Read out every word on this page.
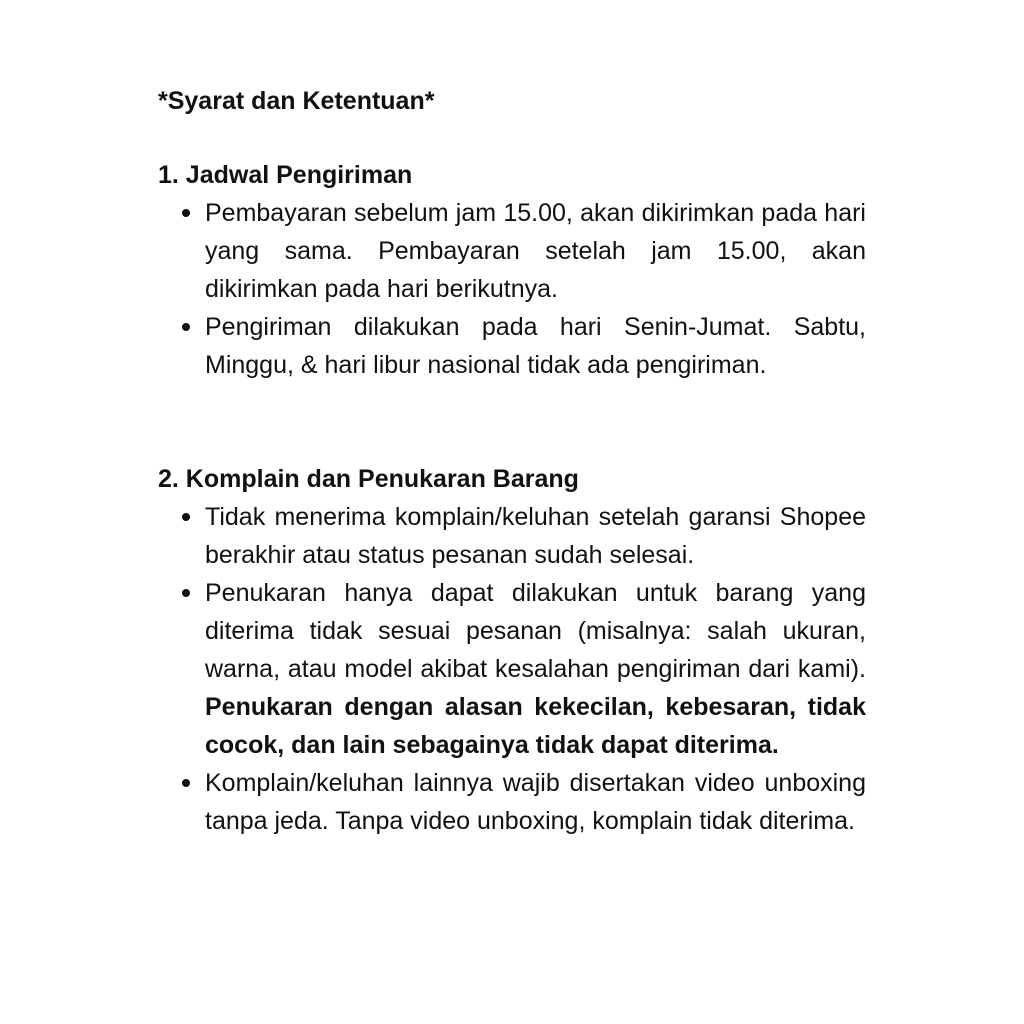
*Syarat dan Ketentuan*
1. Jadwal Pengiriman
Pembayaran sebelum jam 15.00, akan dikirimkan pada hari yang sama. Pembayaran setelah jam 15.00, akan dikirimkan pada hari berikutnya.
Pengiriman dilakukan pada hari Senin-Jumat. Sabtu, Minggu, & hari libur nasional tidak ada pengiriman.
2. Komplain dan Penukaran Barang
Tidak menerima komplain/keluhan setelah garansi Shopee berakhir atau status pesanan sudah selesai.
Penukaran hanya dapat dilakukan untuk barang yang diterima tidak sesuai pesanan (misalnya: salah ukuran, warna, atau model akibat kesalahan pengiriman dari kami). Penukaran dengan alasan kekecilan, kebesaran, tidak cocok, dan lain sebagainya tidak dapat diterima.
Komplain/keluhan lainnya wajib disertakan video unboxing tanpa jeda. Tanpa video unboxing, komplain tidak diterima.
